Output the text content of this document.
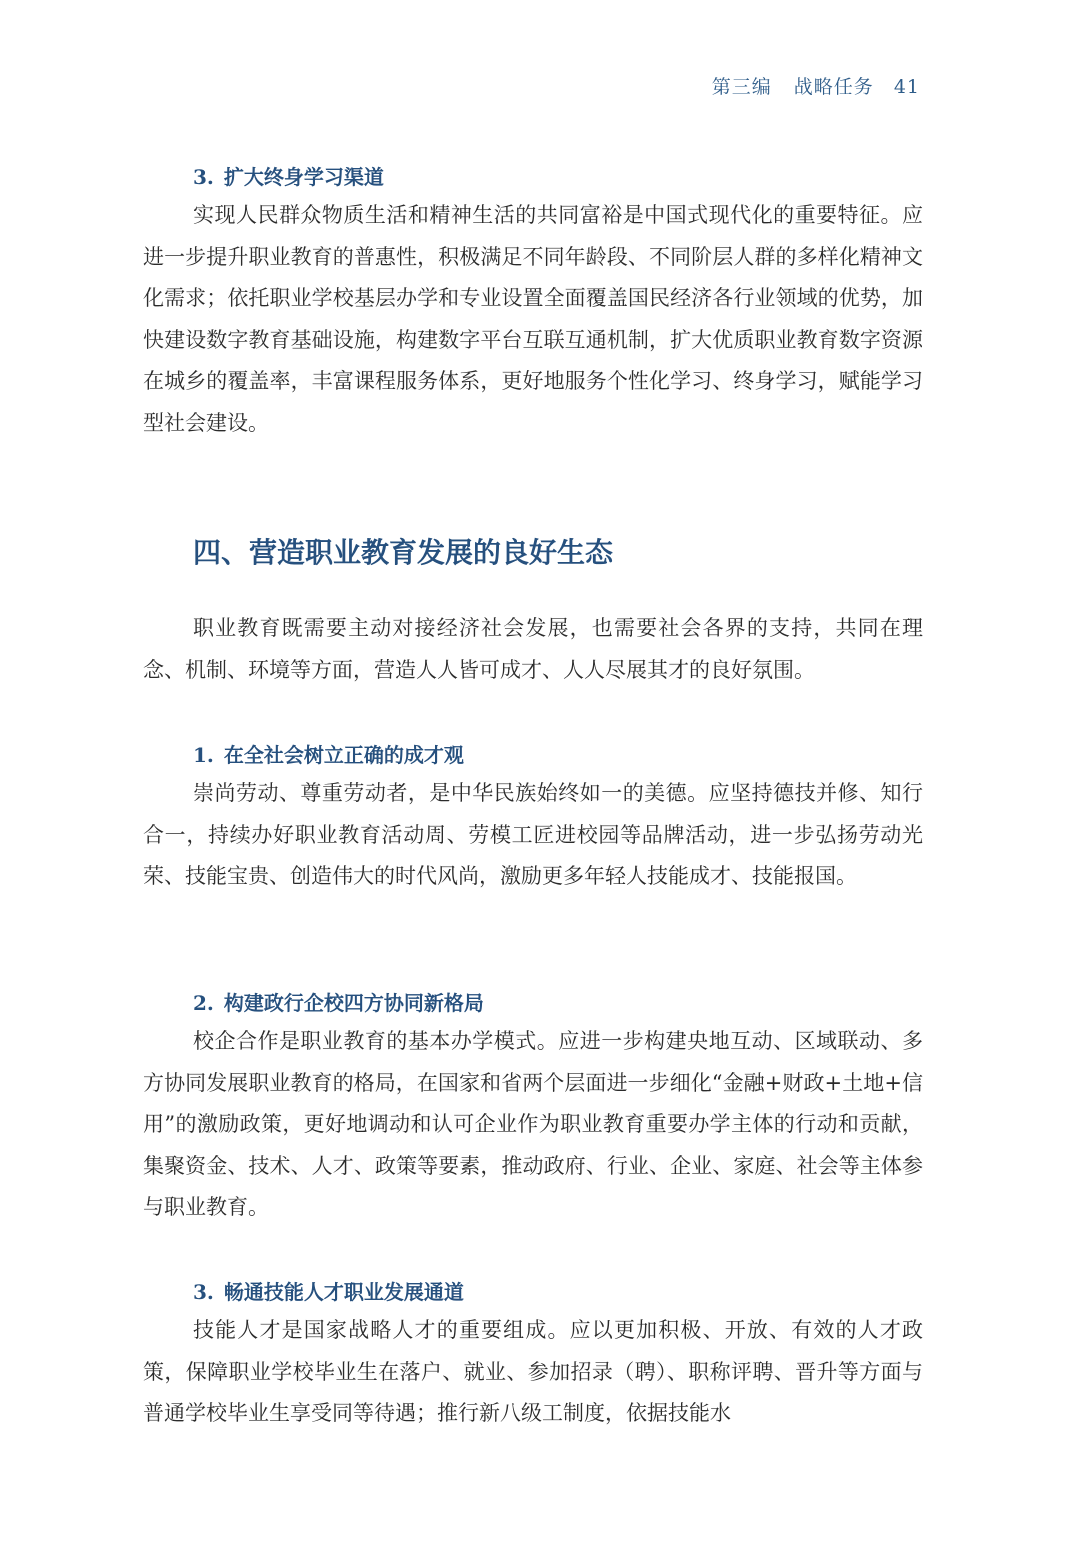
第三编 战略任务 41
3. 扩大终身学习渠道

实现人民群众物质生活和精神生活的共同富裕是中国式现代化的重要特征。应进一步提升职业教育的普惠性，积极满足不同年龄段、不同阶层人群的多样化精神文化需求；依托职业学校基层办学和专业设置全面覆盖国民经济各行业领域的优势，加快建设数字教育基础设施，构建数字平台互联互通机制，扩大优质职业教育数字资源在城乡的覆盖率，丰富课程服务体系，更好地服务个性化学习、终身学习，赋能学习型社会建设。

四、营造职业教育发展的良好生态

职业教育既需要主动对接经济社会发展，也需要社会各界的支持，共同在理念、机制、环境等方面，营造人人皆可成才、人人尽展其才的良好氛围。

1. 在全社会树立正确的成才观

崇尚劳动、尊重劳动者，是中华民族始终如一的美德。应坚持德技并修、知行合一，持续办好职业教育活动周、劳模工匠进校园等品牌活动，进一步弘扬劳动光荣、技能宝贵、创造伟大的时代风尚，激励更多年轻人技能成才、技能报国。

2. 构建政行企校四方协同新格局

校企合作是职业教育的基本办学模式。应进一步构建央地互动、区域联动、多方协同发展职业教育的格局，在国家和省两个层面进一步细化“金融+财政+土地+信用”的激励政策，更好地调动和认可企业作为职业教育重要办学主体的行动和贡献，集聚资金、技术、人才、政策等要素，推动政府、行业、企业、家庭、社会等主体参与职业教育。

3. 畅通技能人才职业发展通道

技能人才是国家战略人才的重要组成。应以更加积极、开放、有效的人才政策，保障职业学校毕业生在落户、就业、参加招录（聘）、职称评聘、晋升等方面与普通学校毕业生享受同等待遇；推行新八级工制度，依据技能水
